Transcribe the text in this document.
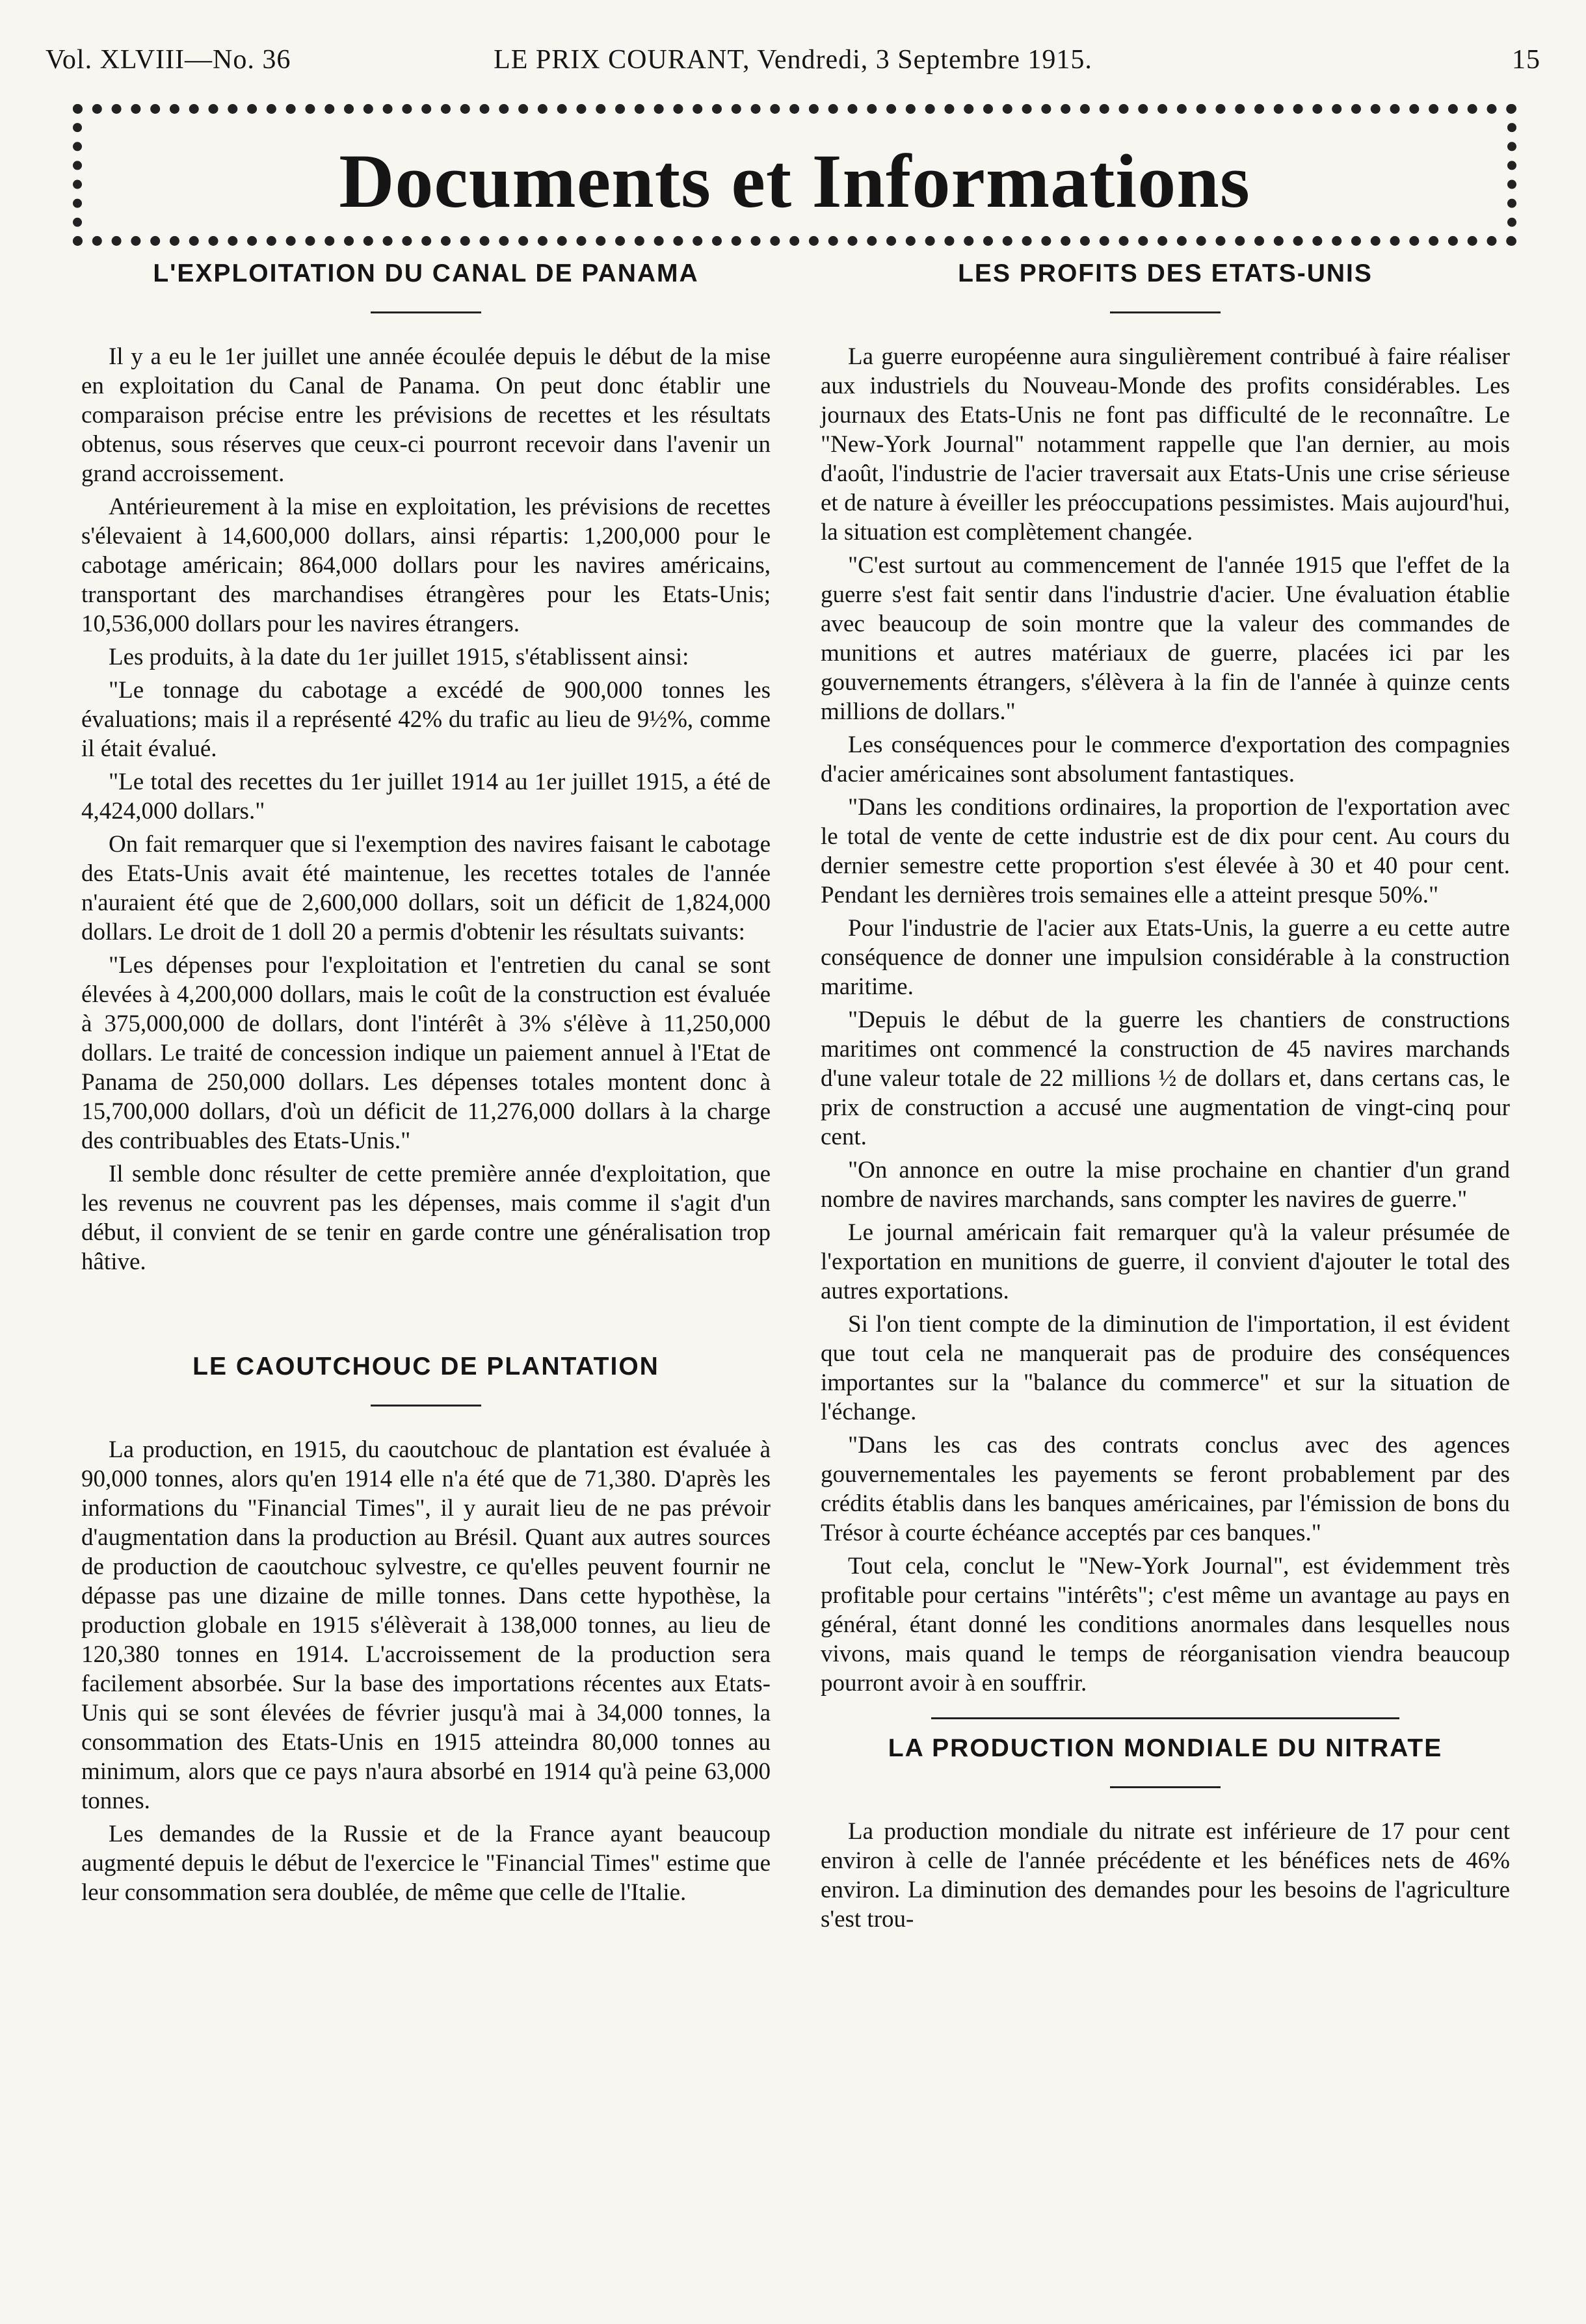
Vol. XLVIII—No. 36	LE PRIX COURANT, Vendredi, 3 Septembre 1915.	15
Documents et Informations
L'EXPLOITATION DU CANAL DE PANAMA

Il y a eu le 1er juillet une année écoulée depuis le début de la mise en exploitation du Canal de Panama. On peut donc établir une comparaison précise entre les prévisions de recettes et les résultats obtenus, sous réserves que ceux-ci pourront recevoir dans l'avenir un grand accroissement.

Antérieurement à la mise en exploitation, les prévisions de recettes s'élevaient à 14,600,000 dollars, ainsi répartis: 1,200,000 pour le cabotage américain; 864,000 dollars pour les navires américains, transportant des marchandises étrangères pour les Etats-Unis; 10,536,000 dollars pour les navires étrangers.

Les produits, à la date du 1er juillet 1915, s'établissent ainsi:

"Le tonnage du cabotage a excédé de 900,000 tonnes les évaluations; mais il a représenté 42% du trafic au lieu de 9½%, comme il était évalué.

"Le total des recettes du 1er juillet 1914 au 1er juillet 1915, a été de 4,424,000 dollars."

On fait remarquer que si l'exemption des navires faisant le cabotage des Etats-Unis avait été maintenue, les recettes totales de l'année n'auraient été que de 2,600,000 dollars, soit un déficit de 1,824,000 dollars. Le droit de 1 doll 20 a permis d'obtenir les résultats suivants:

"Les dépenses pour l'exploitation et l'entretien du canal se sont élevées à 4,200,000 dollars, mais le coût de la construction est évaluée à 375,000,000 de dollars, dont l'intérêt à 3% s'élève à 11,250,000 dollars. Le traité de concession indique un paiement annuel à l'Etat de Panama de 250,000 dollars. Les dépenses totales montent donc à 15,700,000 dollars, d'où un déficit de 11,276,000 dollars à la charge des contribuables des Etats-Unis."

Il semble donc résulter de cette première année d'exploitation, que les revenus ne couvrent pas les dépenses, mais comme il s'agit d'un début, il convient de se tenir en garde contre une généralisation trop hâtive.

LE CAOUTCHOUC DE PLANTATION

La production, en 1915, du caoutchouc de plantation est évaluée à 90,000 tonnes, alors qu'en 1914 elle n'a été que de 71,380. D'après les informations du "Financial Times", il y aurait lieu de ne pas prévoir d'augmentation dans la production au Brésil. Quant aux autres sources de production de caoutchouc sylvestre, ce qu'elles peuvent fournir ne dépasse pas une dizaine de mille tonnes. Dans cette hypothèse, la production globale en 1915 s'élèverait à 138,000 tonnes, au lieu de 120,380 tonnes en 1914. L'accroissement de la production sera facilement absorbée. Sur la base des importations récentes aux Etats-Unis qui se sont élevées de février jusqu'à mai à 34,000 tonnes, la consommation des Etats-Unis en 1915 atteindra 80,000 tonnes au minimum, alors que ce pays n'aura absorbé en 1914 qu'à peine 63,000 tonnes.

Les demandes de la Russie et de la France ayant beaucoup augmenté depuis le début de l'exercice le "Financial Times" estime que leur consommation sera doublée, de même que celle de l'Italie.

LES PROFITS DES ETATS-UNIS

La guerre européenne aura singulièrement contribué à faire réaliser aux industriels du Nouveau-Monde des profits considérables. Les journaux des Etats-Unis ne font pas difficulté de le reconnaître. Le "New-York Journal" notamment rappelle que l'an dernier, au mois d'août, l'industrie de l'acier traversait aux Etats-Unis une crise sérieuse et de nature à éveiller les préoccupations pessimistes. Mais aujourd'hui, la situation est complètement changée.

"C'est surtout au commencement de l'année 1915 que l'effet de la guerre s'est fait sentir dans l'industrie d'acier. Une évaluation établie avec beaucoup de soin montre que la valeur des commandes de munitions et autres matériaux de guerre, placées ici par les gouvernements étrangers, s'élèvera à la fin de l'année à quinze cents millions de dollars."

Les conséquences pour le commerce d'exportation des compagnies d'acier américaines sont absolument fantastiques.

"Dans les conditions ordinaires, la proportion de l'exportation avec le total de vente de cette industrie est de dix pour cent. Au cours du dernier semestre cette proportion s'est élevée à 30 et 40 pour cent. Pendant les dernières trois semaines elle a atteint presque 50%."

Pour l'industrie de l'acier aux Etats-Unis, la guerre a eu cette autre conséquence de donner une impulsion considérable à la construction maritime.

"Depuis le début de la guerre les chantiers de constructions maritimes ont commencé la construction de 45 navires marchands d'une valeur totale de 22 millions ½ de dollars et, dans certans cas, le prix de construction a accusé une augmentation de vingt-cinq pour cent.

"On annonce en outre la mise prochaine en chantier d'un grand nombre de navires marchands, sans compter les navires de guerre."

Le journal américain fait remarquer qu'à la valeur présumée de l'exportation en munitions de guerre, il convient d'ajouter le total des autres exportations.

Si l'on tient compte de la diminution de l'importation, il est évident que tout cela ne manquerait pas de produire des conséquences importantes sur la "balance du commerce" et sur la situation de l'échange.

"Dans les cas des contrats conclus avec des agences gouvernementales les payements se feront probablement par des crédits établis dans les banques américaines, par l'émission de bons du Trésor à courte échéance acceptés par ces banques."

Tout cela, conclut le "New-York Journal", est évidemment très profitable pour certains "intérêts"; c'est même un avantage au pays en général, étant donné les conditions anormales dans lesquelles nous vivons, mais quand le temps de réorganisation viendra beaucoup pourront avoir à en souffrir.

LA PRODUCTION MONDIALE DU NITRATE

La production mondiale du nitrate est inférieure de 17 pour cent environ à celle de l'année précédente et les bénéfices nets de 46% environ. La diminution des demandes pour les besoins de l'agriculture s'est trou-
